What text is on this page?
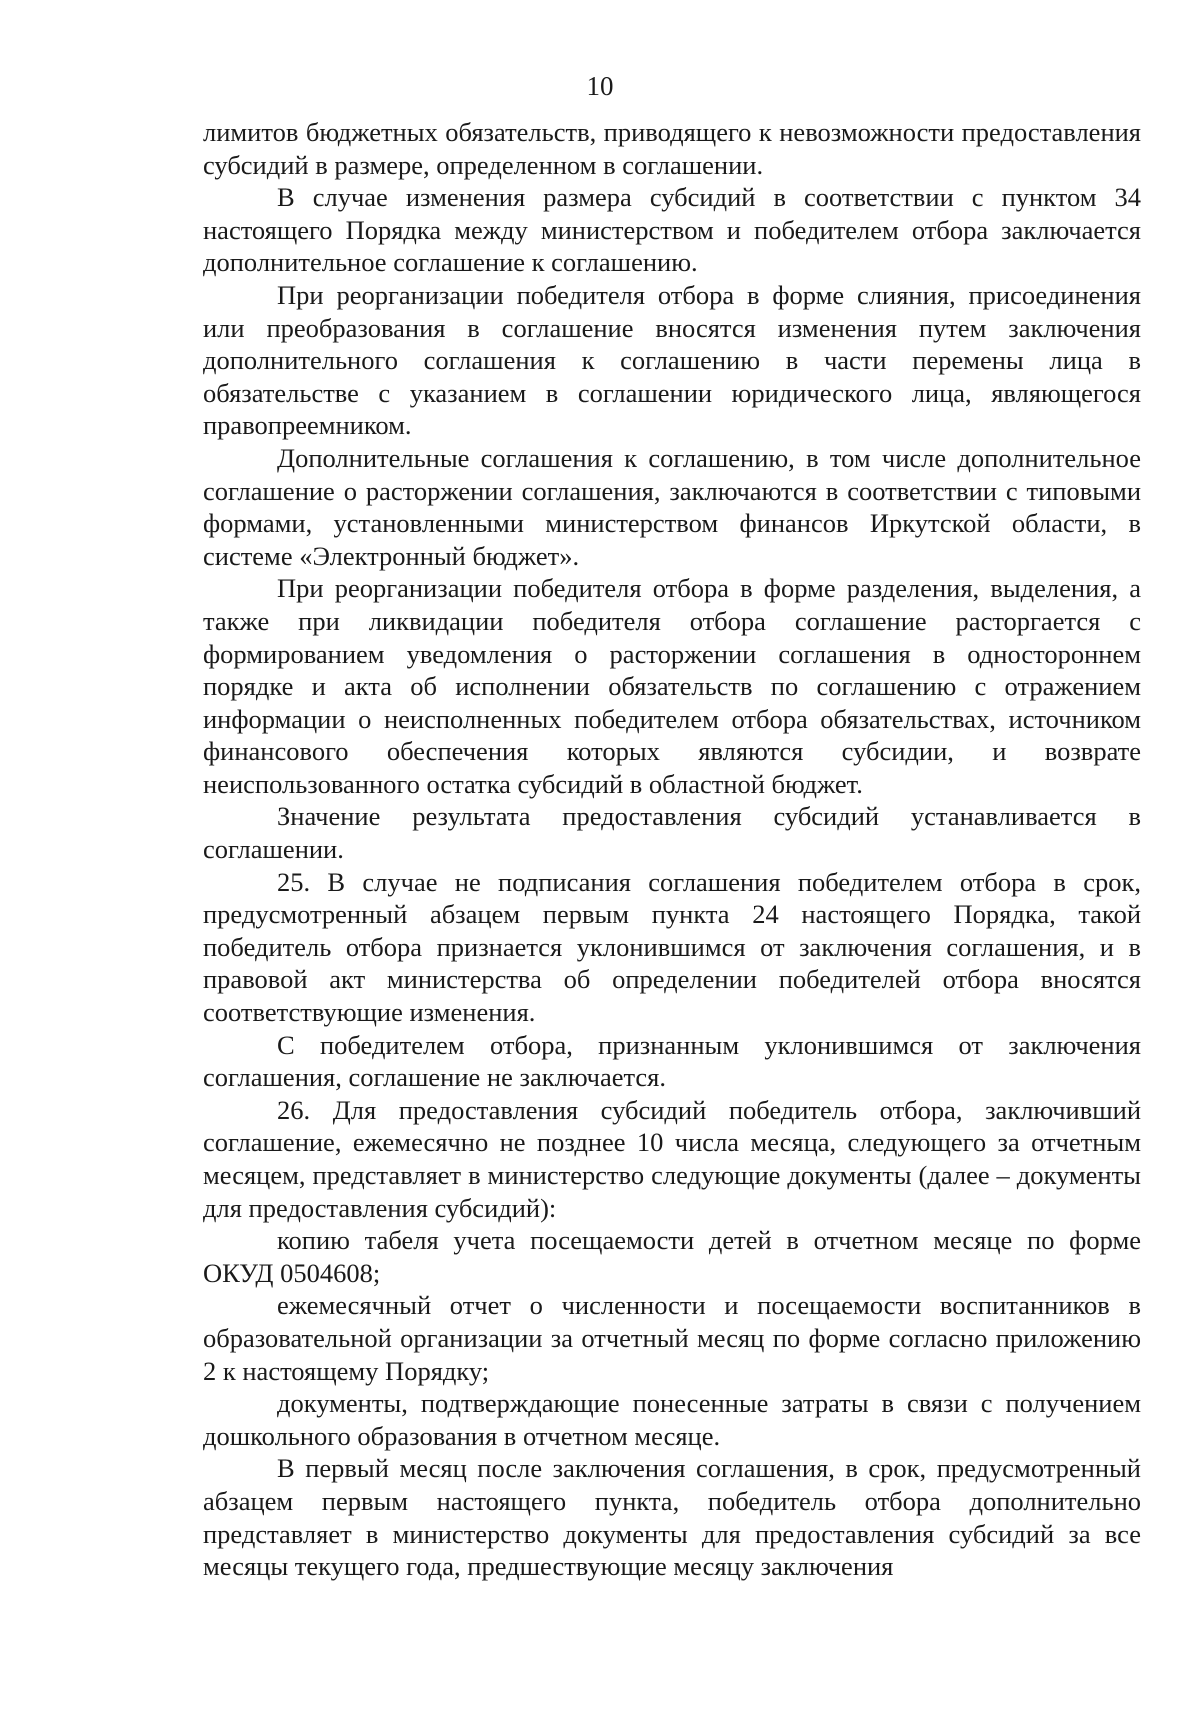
10

лимитов бюджетных обязательств, приводящего к невозможности предоставления субсидий в размере, определенном в соглашении.

В случае изменения размера субсидий в соответствии с пунктом 34 настоящего Порядка между министерством и победителем отбора заключается дополнительное соглашение к соглашению.

При реорганизации победителя отбора в форме слияния, присоединения или преобразования в соглашение вносятся изменения путем заключения дополнительного соглашения к соглашению в части перемены лица в обязательстве с указанием в соглашении юридического лица, являющегося правопреемником.

Дополнительные соглашения к соглашению, в том числе дополнительное соглашение о расторжении соглашения, заключаются в соответствии с типовыми формами, установленными министерством финансов Иркутской области, в системе «Электронный бюджет».

При реорганизации победителя отбора в форме разделения, выделения, а также при ликвидации победителя отбора соглашение расторгается с формированием уведомления о расторжении соглашения в одностороннем порядке и акта об исполнении обязательств по соглашению с отражением информации о неисполненных победителем отбора обязательствах, источником финансового обеспечения которых являются субсидии, и возврате неиспользованного остатка субсидий в областной бюджет.

Значение результата предоставления субсидий устанавливается в соглашении.

25. В случае не подписания соглашения победителем отбора в срок, предусмотренный абзацем первым пункта 24 настоящего Порядка, такой победитель отбора признается уклонившимся от заключения соглашения, и в правовой акт министерства об определении победителей отбора вносятся соответствующие изменения.

С победителем отбора, признанным уклонившимся от заключения соглашения, соглашение не заключается.

26. Для предоставления субсидий победитель отбора, заключивший соглашение, ежемесячно не позднее 10 числа месяца, следующего за отчетным месяцем, представляет в министерство следующие документы (далее – документы для предоставления субсидий):

копию табеля учета посещаемости детей в отчетном месяце по форме ОКУД 0504608;

ежемесячный отчет о численности и посещаемости воспитанников в образовательной организации за отчетный месяц по форме согласно приложению 2 к настоящему Порядку;

документы, подтверждающие понесенные затраты в связи с получением дошкольного образования в отчетном месяце.

В первый месяц после заключения соглашения, в срок, предусмотренный абзацем первым настоящего пункта, победитель отбора дополнительно представляет в министерство документы для предоставления субсидий за все месяцы текущего года, предшествующие месяцу заключения
